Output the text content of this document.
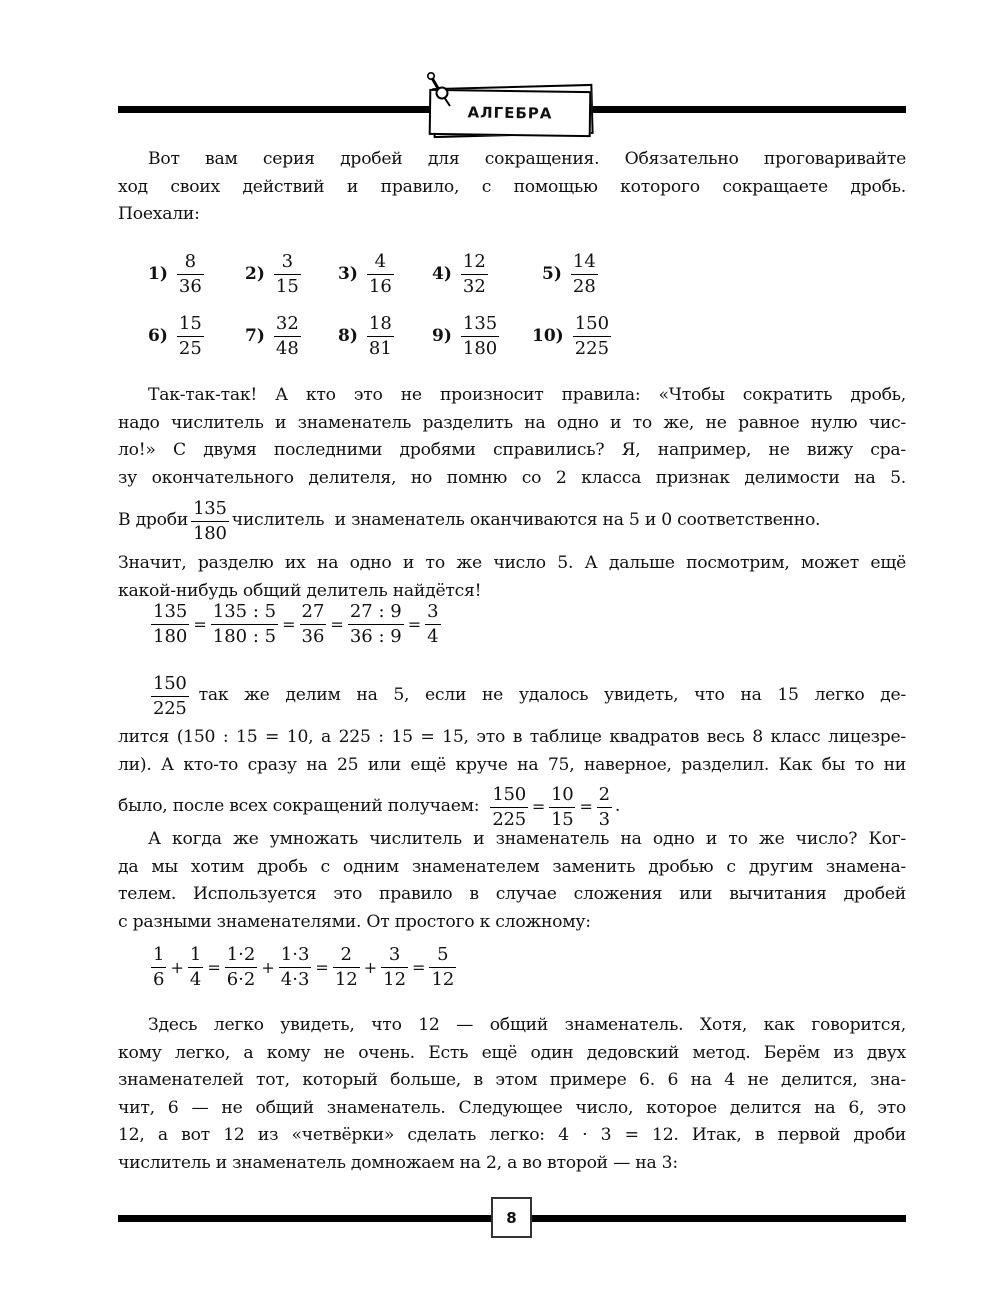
АЛГЕБРА
Вот вам серия дробей для сокращения. Обязательно проговаривайте
ход своих действий и правило, с помощью которого сокращаете дробь.
Поехали:
$1) \frac{8}{36} 2) \frac{3}{15} 3) \frac{4}{16} 4) \frac{12}{32}$	$5) \frac{14}{28}$
$6) \frac{15}{25} 7) \frac{32}{48} 8) \frac{18}{81} 9) \frac{135}{180} 10) \frac{150}{225}$
Так-так-так! А кто это не произносит правила: «Чтобы сократить дробь,
надо числитель и знаменатель разделить на одно и то же, не равное нулю чис-
ло!» С двумя последними дробями справились? Я, например, не вижу сра-
зу окончательного делителя, но помню со 2 класса признак делимости на 5.
В дроби $\frac{135}{180}$ числитель  и знаменатель оканчиваются на 5 и 0 соответственно.
Значит, разделю их на одно и то же число 5. А дальше посмотрим, может ещё
какой-нибудь общий делитель найдётся!
$\frac{135}{180} = \frac{135 : 5}{180 : 5} = \frac{27}{36} = \frac{27 : 9}{36 : 9} = \frac{3}{4}$
$\frac{150}{225}$ так же делим на 5, если не удалось увидеть, что на 15 легко де-
лится (150 : 15 = 10, а 225 : 15 = 15, это в таблице квадратов весь 8 класс лицезре-
ли). А кто-то сразу на 25 или ещё круче на 75, наверное, разделил. Как бы то ни
было, после всех сокращений получаем: $\frac{150}{225} = \frac{10}{15} = \frac{2}{3}$ .
А когда же умножать числитель и знаменатель на одно и то же число? Ког-
да мы хотим дробь с одним знаменателем заменить дробью с другим знамена-
телем. Используется это правило в случае сложения или вычитания дробей
с разными знаменателями. От простого к сложному:
$\frac{1}{6} + \frac{1}{4} = \frac{1\cdot 2}{6\cdot 2} + \frac{1\cdot 3}{4\cdot 3} = \frac{2}{12} + \frac{3}{12} = \frac{5}{12}$
Здесь легко увидеть, что 12 — общий знаменатель. Хотя, как говорится,
кому легко, а кому не очень. Есть ещё один дедовский метод. Берём из двух
знаменателей тот, который больше, в этом примере 6. 6 на 4 не делится, зна-
чит, 6 — не общий знаменатель. Следующее число, которое делится на 6, это
12, а вот 12 из «четвёрки» сделать легко: 4 · 3 = 12. Итак, в первой дроби
числитель и знаменатель домножаем на 2, а во второй — на 3:
8
